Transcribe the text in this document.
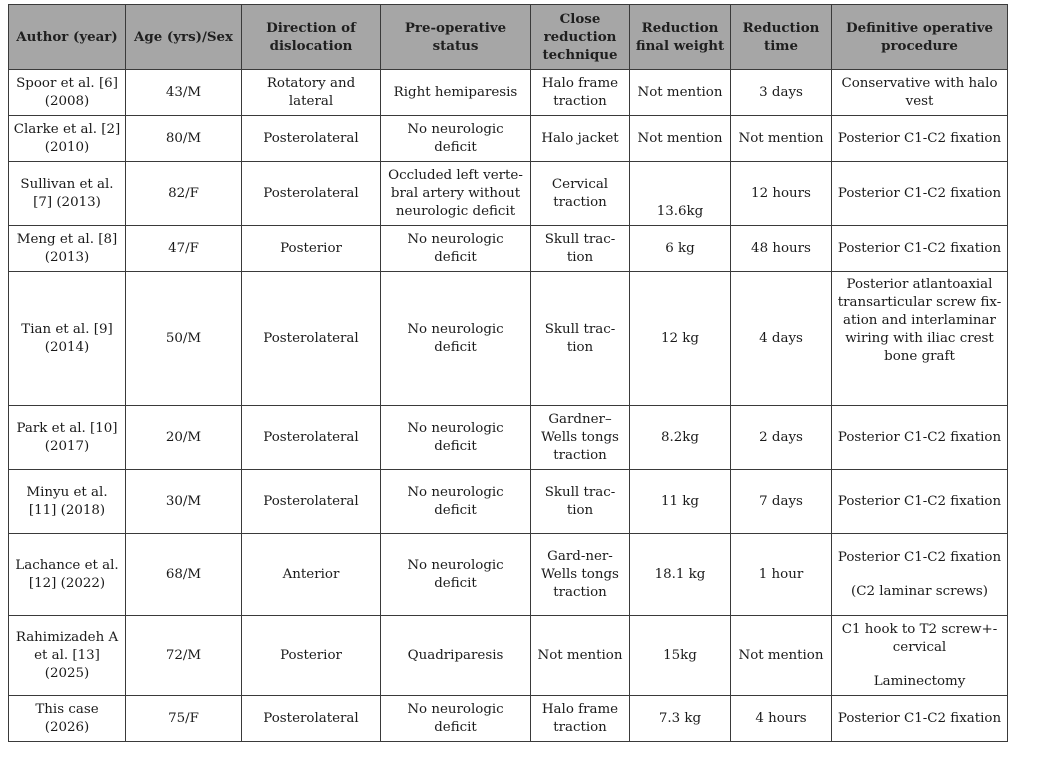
Author (year)	Age (yrs)/Sex	Direction of dislocation	Pre-operative status	Close reduction technique	Reduction final weight	Reduction time	Definitive operative procedure
Spoor et al. [6] (2008)	43/M	Rotatory and lateral	Right hemiparesis	Halo frame traction	Not mention	3 days	Conservative with halo vest
Clarke et al. [2] (2010)	80/M	Posterolateral	No neurologic deficit	Halo jacket	Not mention	Not mention	Posterior C1-C2 fixation
Sullivan et al. [7] (2013)	82/F	Posterolateral	Occluded left verte-bral artery without neurologic deficit	Cervical traction	13.6kg	12 hours	Posterior C1-C2 fixation
Meng et al. [8] (2013)	47/F	Posterior	No neurologic deficit	Skull trac-tion	6 kg	48 hours	Posterior C1-C2 fixation
Tian et al. [9] (2014)	50/M	Posterolateral	No neurologic deficit	Skull trac-tion	12 kg	4 days	Posterior atlantoaxial transarticular screw fix-ation and interlaminar wiring with iliac crest bone graft
Park et al. [10] (2017)	20/M	Posterolateral	No neurologic deficit	Gardner–Wells tongs traction	8.2kg	2 days	Posterior C1-C2 fixation
Minyu et al. [11] (2018)	30/M	Posterolateral	No neurologic deficit	Skull trac-tion	11 kg	7 days	Posterior C1-C2 fixation
Lachance et al. [12] (2022)	68/M	Anterior	No neurologic deficit	Gard-ner-Wells tongs traction	18.1 kg	1 hour	Posterior C1-C2 fixation
(C2 laminar screws)

Rahimizadeh A et al. [13] (2025)	72/M	Posterior	Quadriparesis	Not mention	15kg	Not mention	C1 hook to T2 screw+-cervical
Laminectomy

This case (2026)	75/F	Posterolateral	No neurologic deficit	Halo frame traction	7.3 kg	4 hours	Posterior C1-C2 fixation
